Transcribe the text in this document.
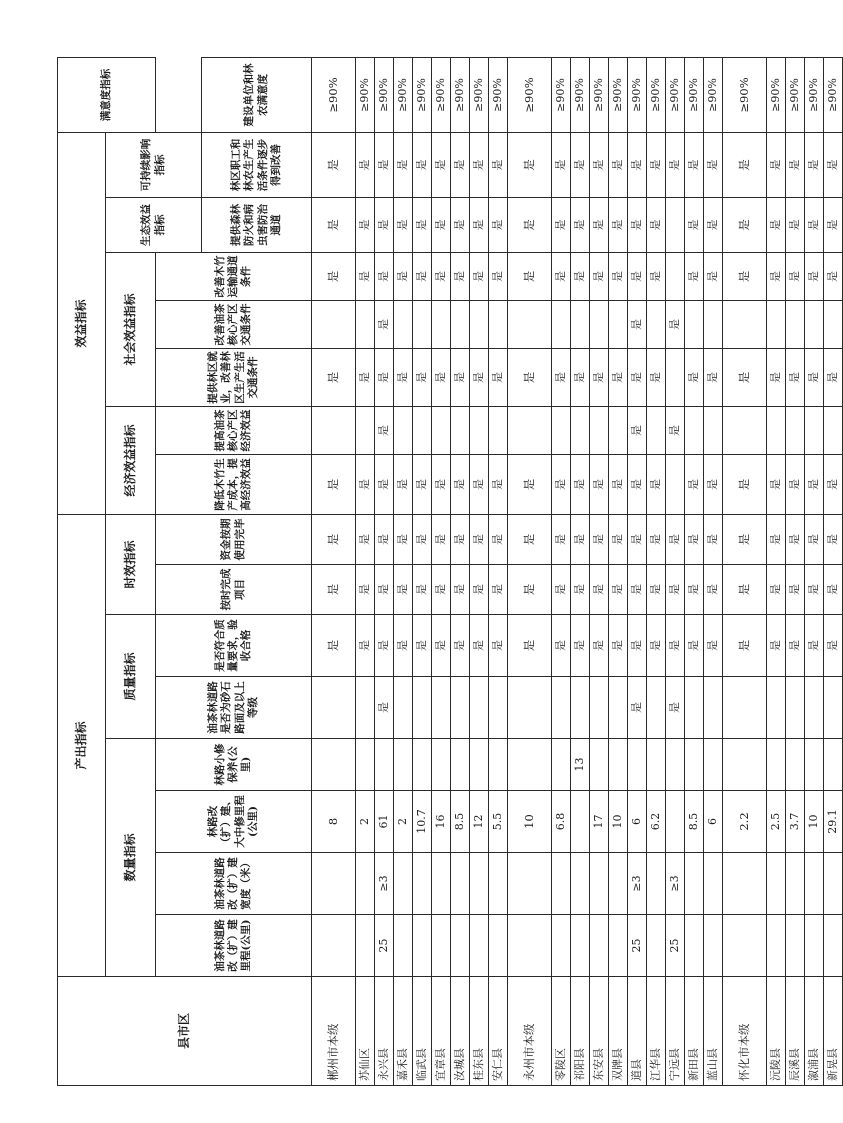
县市区	产出指标								效益指标							满意度指标
	数量指标				质量指标		时效指标		经济效益指标		社会效益指标			生态效益指标	可持续影响指标	
	油茶林道路改（扩）建里程(公里)	油茶林道路改（扩）建宽度（米）	林路改（扩）建、大中修里程(公里)	林路小修保养(公里)	油茶林道路是否为砂石路面及以上等级	是否符合质量要求，验收合格	按时完成项目	资金按期使用完毕	降低木竹生产成本，提高经济效益	提高油茶核心产区经济效益	提供林区就业，改善林区生产生活交通条件	改善油茶核心产区交通条件	改善木竹运输通道条件			
														提供森林防火和病虫害防治通道	林区职工和林农生产生活条件逐步得到改善	建设单位和林农满意度
郴州市本级			8			是	是	是	是		是		是	是	是	≥90%
苏仙区			2			是	是	是	是		是		是	是	是	≥90%
永兴县	25	≥3	61		是	是	是	是	是	是	是	是	是	是	是	≥90%
嘉禾县			2			是	是	是	是		是		是	是	是	≥90%
临武县			10.7			是	是	是	是		是		是	是	是	≥90%
宜章县			16			是	是	是	是		是		是	是	是	≥90%
汝城县			8.5			是	是	是	是		是		是	是	是	≥90%
桂东县			12			是	是	是	是		是		是	是	是	≥90%
安仁县			5.5			是	是	是	是		是		是	是	是	≥90%
永州市本级			10			是	是	是	是		是		是	是	是	≥90%
零陵区			6.8			是	是	是	是		是		是	是	是	≥90%
祁阳县				13		是	是	是	是		是		是	是	是	≥90%
东安县			17			是	是	是	是		是		是	是	是	≥90%
双牌县			10			是	是	是	是		是		是	是	是	≥90%
道县	25	≥3	6		是	是	是	是	是	是	是	是	是	是	是	≥90%
江华县			6.2			是	是	是	是		是		是	是	是	≥90%
宁远县	25	≥3			是	是	是	是		是		是			是	≥90%
新田县			8.5			是	是	是	是		是		是	是	是	≥90%
蓝山县			6			是	是	是	是		是		是	是	是	≥90%
怀化市本级			2.2			是	是	是	是		是		是	是	是	≥90%
沅陵县			2.5			是	是	是	是		是		是	是	是	≥90%
辰溪县			3.7			是	是	是	是		是		是	是	是	≥90%
溆浦县			10			是	是	是	是		是		是	是	是	≥90%
新晃县			29.1			是	是	是	是		是		是	是	是	≥90%
